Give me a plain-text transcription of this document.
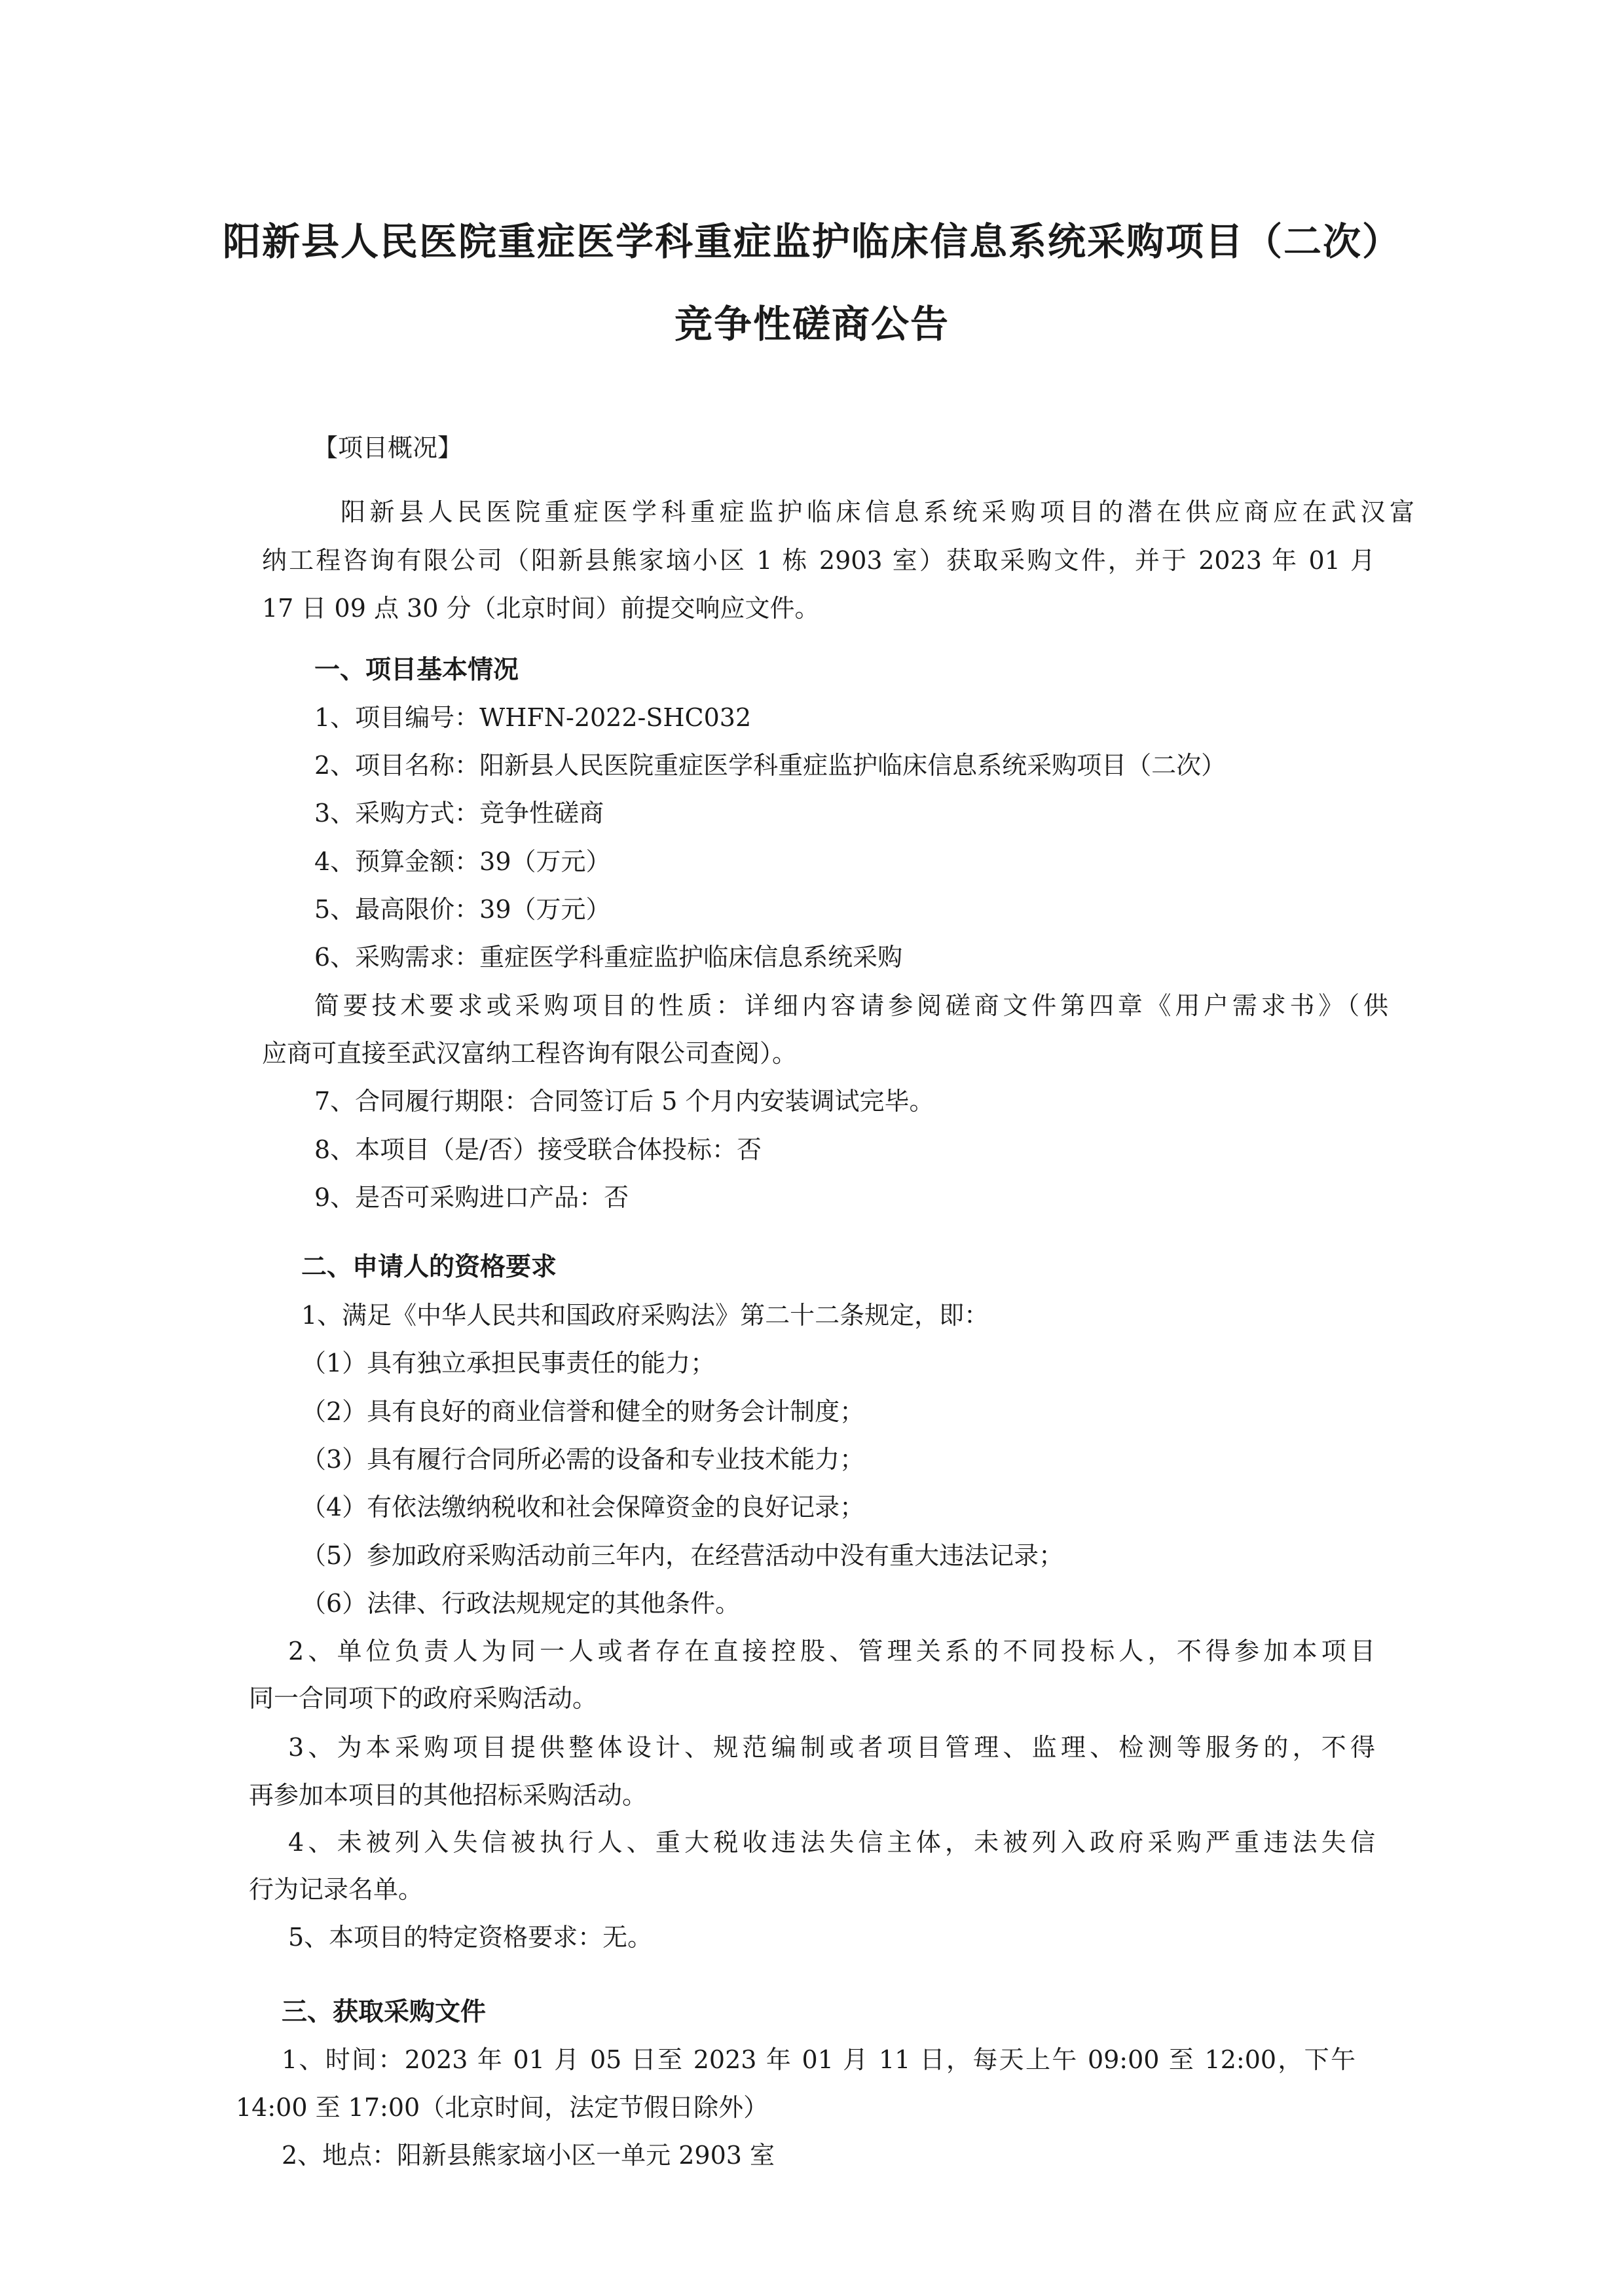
阳新县人民医院重症医学科重症监护临床信息系统采购项目（二次）
竞争性磋商公告
【项目概况】
阳新县人民医院重症医学科重症监护临床信息系统采购项目的潜在供应商应在武汉富
纳工程咨询有限公司（阳新县熊家垴小区 1 栋 2903 室）获取采购文件，并于 2023 年 01 月
17 日 09 点 30 分（北京时间）前提交响应文件。
一、项目基本情况
1、项目编号：WHFN-2022-SHC032
2、项目名称：阳新县人民医院重症医学科重症监护临床信息系统采购项目（二次）
3、采购方式：竞争性磋商
4、预算金额：39（万元）
5、最高限价：39（万元）
6、采购需求：重症医学科重症监护临床信息系统采购
简要技术要求或采购项目的性质：详细内容请参阅磋商文件第四章《用户需求书》（供
应商可直接至武汉富纳工程咨询有限公司查阅）。
7、合同履行期限：合同签订后 5 个月内安装调试完毕。
8、本项目（是/否）接受联合体投标：否
9、是否可采购进口产品：否
二、申请人的资格要求
1、满足《中华人民共和国政府采购法》第二十二条规定，即：
（1）具有独立承担民事责任的能力；
（2）具有良好的商业信誉和健全的财务会计制度；
（3）具有履行合同所必需的设备和专业技术能力；
（4）有依法缴纳税收和社会保障资金的良好记录；
（5）参加政府采购活动前三年内，在经营活动中没有重大违法记录；
（6）法律、行政法规规定的其他条件。
2、单位负责人为同一人或者存在直接控股、管理关系的不同投标人，不得参加本项目
同一合同项下的政府采购活动。
3、为本采购项目提供整体设计、规范编制或者项目管理、监理、检测等服务的，不得
再参加本项目的其他招标采购活动。
4、未被列入失信被执行人、重大税收违法失信主体，未被列入政府采购严重违法失信
行为记录名单。
5、本项目的特定资格要求：无。
三、获取采购文件
1、时间：2023 年 01 月 05 日至 2023 年 01 月 11 日，每天上午 09:00 至 12:00，下午
14:00 至 17:00（北京时间，法定节假日除外）
2、地点：阳新县熊家垴小区一单元 2903 室
